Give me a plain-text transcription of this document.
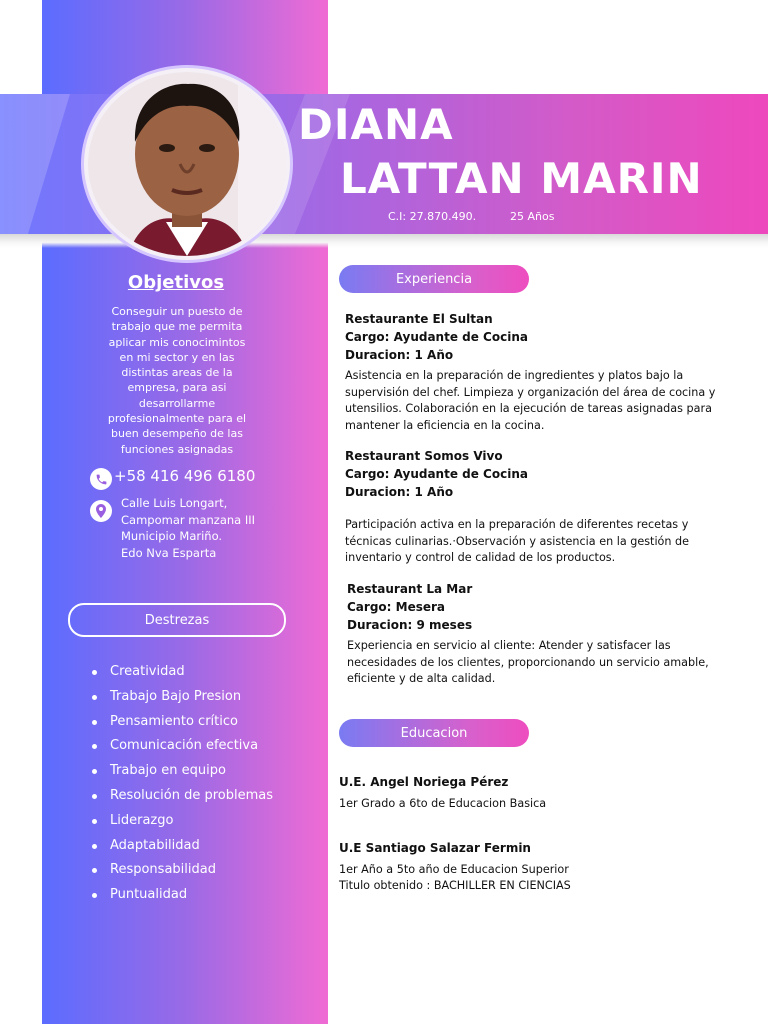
DIANA
LATTAN MARIN
C.I: 27.870.490.	25 Años
Objetivos
Conseguir un puesto de
trabajo que me permita
aplicar mis conocimintos
en mi sector y en las
distintas areas de la
empresa, para asi
desarrollarme
profesionalmente para el
buen desempeño de las
funciones asignadas
+58 416 496 6180
Calle Luis Longart,
Campomar manzana III
Municipio Mariño.
Edo Nva Esparta
Destrezas
Creatividad
Trabajo Bajo Presion
Pensamiento crítico
Comunicación efectiva
Trabajo en equipo
Resolución de problemas
Liderazgo
Adaptabilidad
Responsabilidad
Puntualidad
Experiencia
Restaurante El Sultan
Cargo: Ayudante de Cocina
Duracion: 1 Año
Asistencia en la preparación de ingredientes y platos bajo la supervisión del chef. Limpieza y organización del área de cocina y utensilios. Colaboración en la ejecución de tareas asignadas para mantener la eficiencia en la cocina.
Restaurant Somos Vivo
Cargo: Ayudante de Cocina
Duracion: 1 Año
Participación activa en la preparación de diferentes recetas y técnicas culinarias.·Observación y asistencia en la gestión de inventario y control de calidad de los productos.
Restaurant La Mar
Cargo: Mesera
Duracion: 9 meses
Experiencia en servicio al cliente: Atender y satisfacer las necesidades de los clientes, proporcionando un servicio amable, eficiente y de alta calidad.
Educacion
U.E. Angel Noriega Pérez
1er Grado a 6to de Educacion Basica
U.E Santiago Salazar Fermin
1er Año a 5to año de Educacion Superior
Titulo obtenido : BACHILLER EN CIENCIAS
